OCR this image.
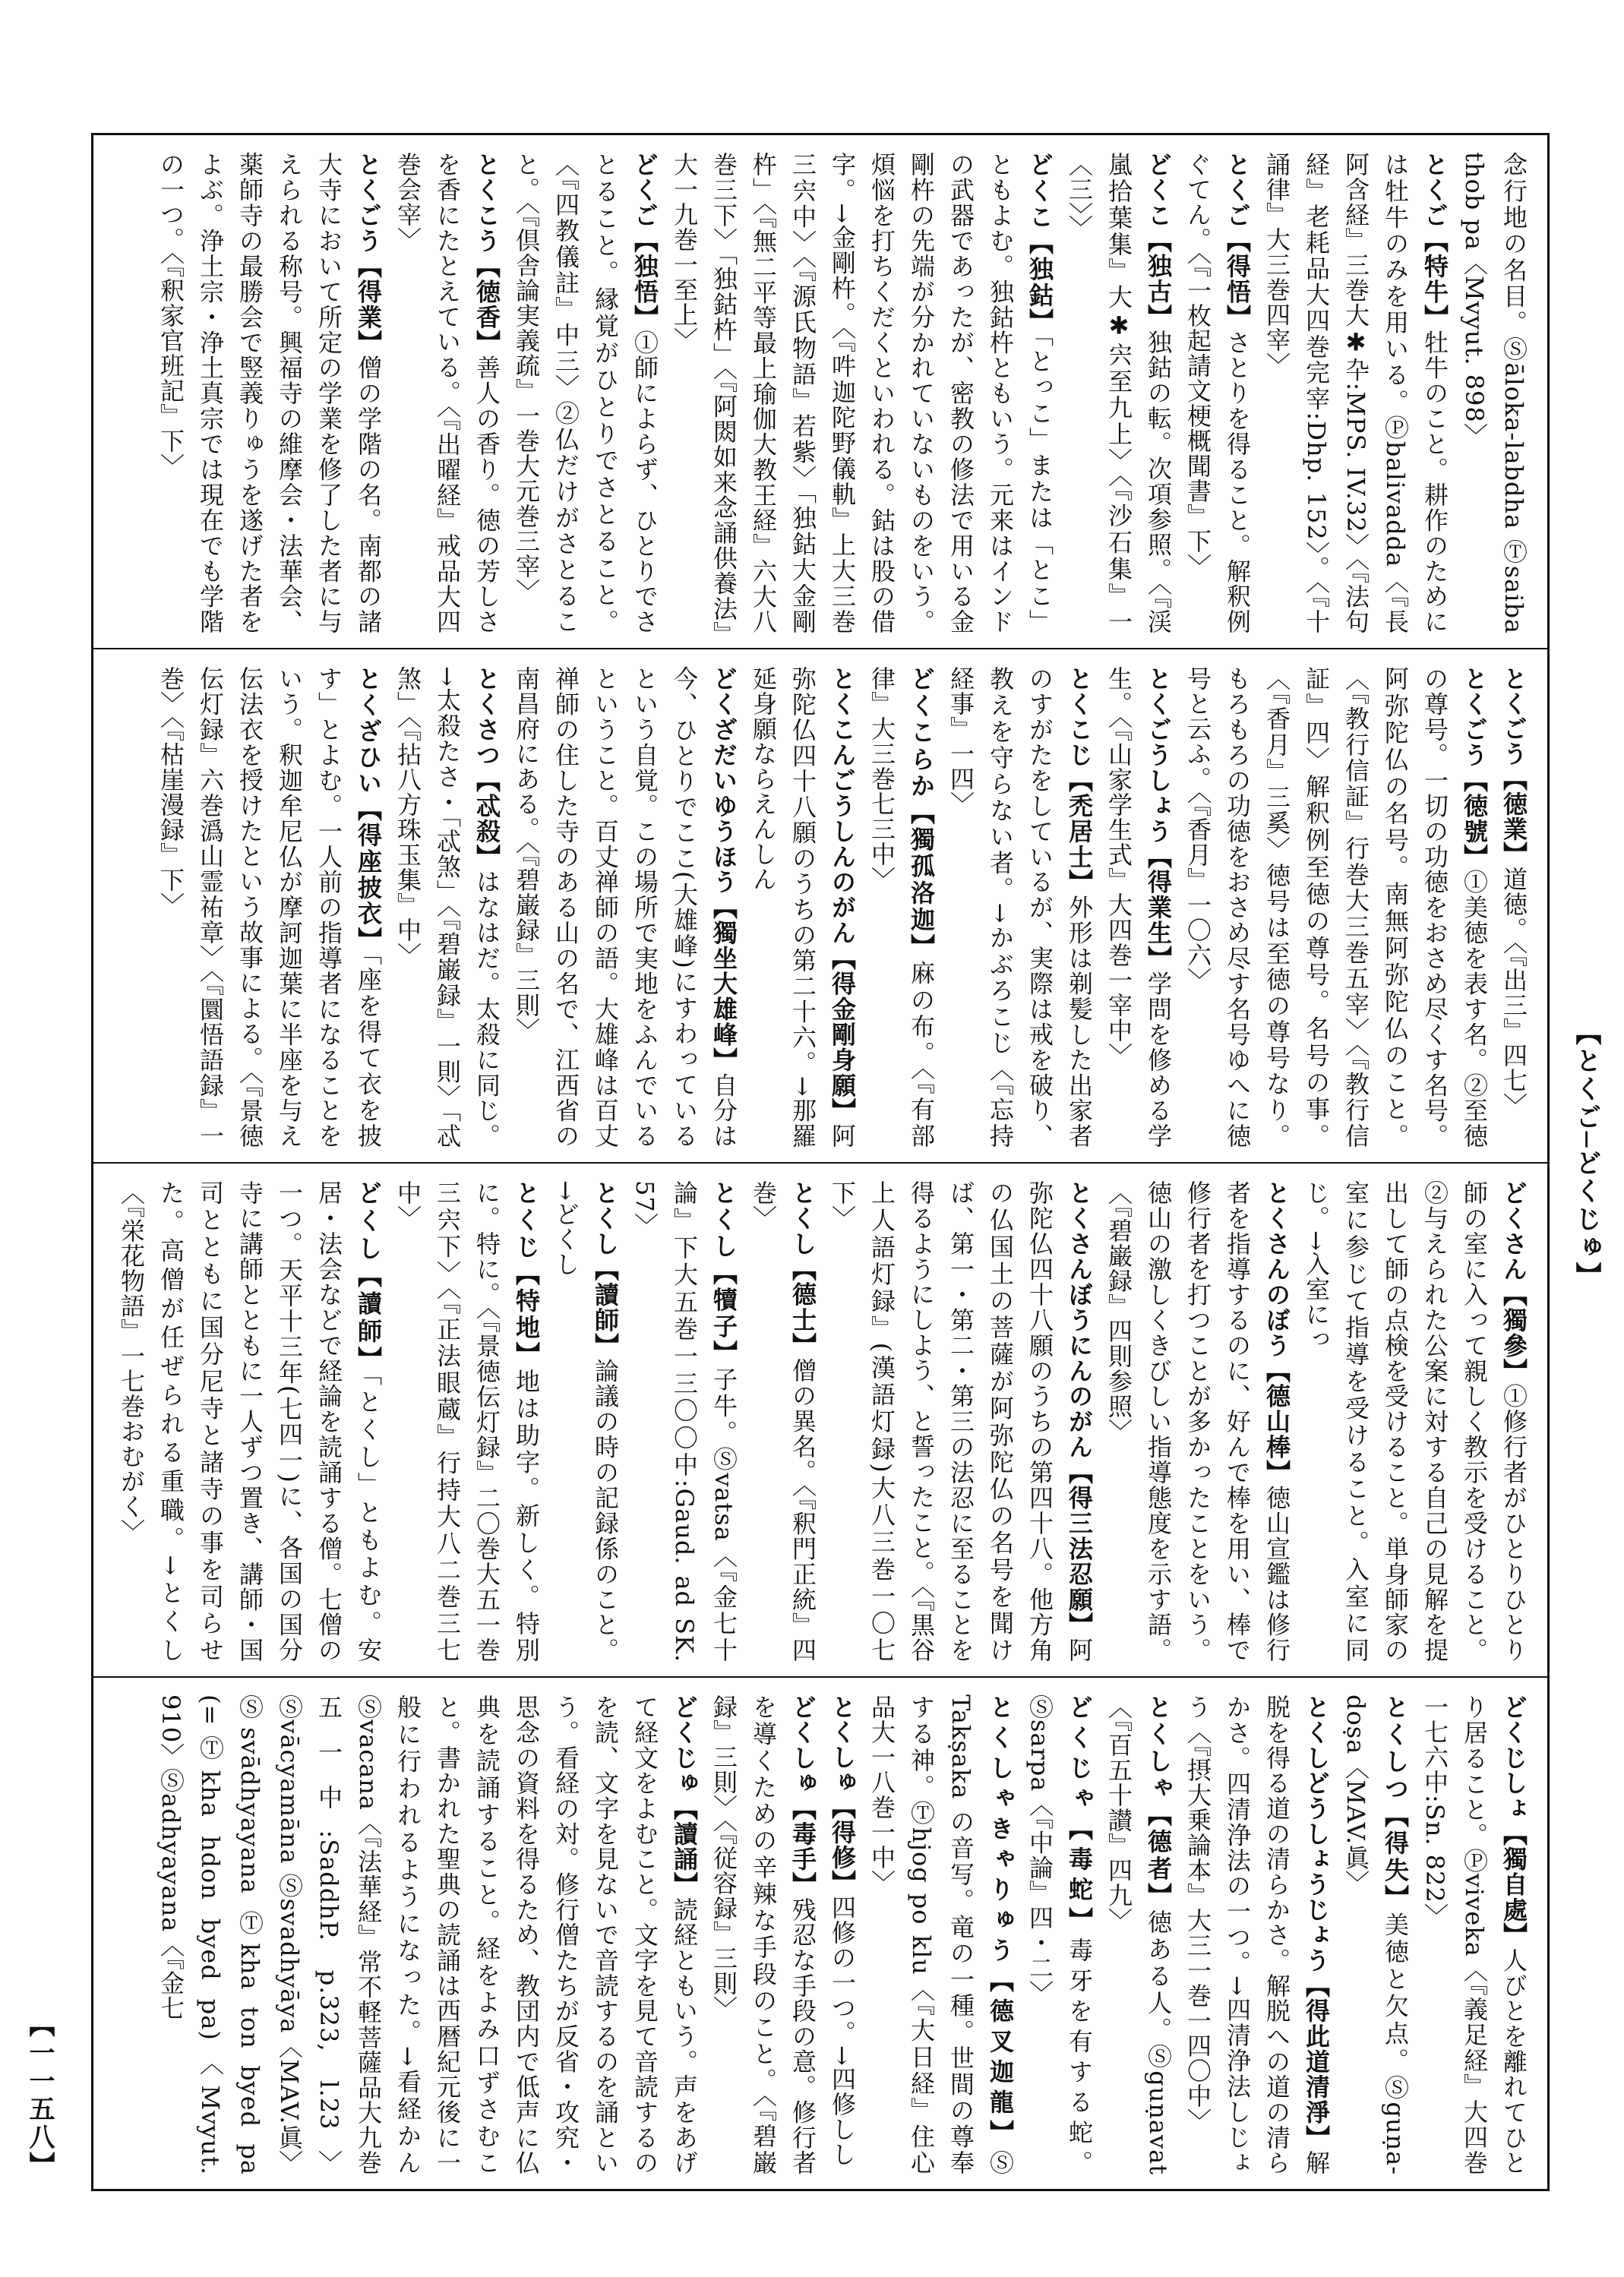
【とくご─どくじゅ】
【一一五八】
念行地の名目。Ⓢāloka-labdha Ⓣsaiba thob pa〈Mvyut. 898〉
とくご【特牛】牡牛のこと。耕作のためには牡牛のみを用いる。Ⓟbalivadda〈『長阿含経』三巻大✱卆:MPS. IV.32〉〈『法句経』老耗品大四巻完宰:Dhp. 152〉。〈『十誦律』大三巻四宰〉
とくご【得悟】さとりを得ること。解釈例ぐてん。〈『一枚起請文梗概聞書』下〉
どくこ【独古】独鈷の転。次項参照。〈『渓嵐拾葉集』大✱宍至九上〉〈『沙石集』一〈三〉〉
どくこ【独鈷】「とっこ」または「とこ」ともよむ。独鈷杵ともいう。元来はインドの武器であったが、密教の修法で用いる金剛杵の先端が分かれていないものをいう。煩悩を打ちくだくといわれる。鈷は股の借字。→金剛杵。〈『吽迦陀野儀軌』上大三巻三宍中〉〈『源氏物語』若紫〉「独鈷大金剛杵」〈『無二平等最上瑜伽大教王経』六大八巻三下〉「独鈷杵」〈『阿閦如来念誦供養法』大一九巻一至上〉
どくご【独悟】①師によらず、ひとりでさとること。縁覚がひとりでさとること。〈『四教儀註』中三〉②仏だけがさとること。〈『倶舎論実義疏』一巻大元巻三宰〉
とくこう【徳香】善人の香り。徳の芳しさを香にたとえている。〈『出曜経』戒品大四巻会宰〉
とくごう【得業】僧の学階の名。南都の諸大寺において所定の学業を修了した者に与えられる称号。興福寺の維摩会・法華会、薬師寺の最勝会で竪義りゅうを遂げた者をよぶ。浄土宗・浄土真宗では現在でも学階の一つ。〈『釈家官班記』下〉
とくごう【徳業】道徳。〈『出三』四七〉
とくごう【徳號】①美徳を表す名。②至徳の尊号。一切の功徳をおさめ尽くす名号。阿弥陀仏の名号。南無阿弥陀仏のこと。〈『教行信証』行巻大三巻五宰〉〈『教行信証』四〉解釈例至徳の尊号。名号の事。〈『香月』三奚〉徳号は至徳の尊号なり。もろもろの功徳をおさめ尽す名号ゆへに徳号と云ふ。〈『香月』一〇六〉
とくごうしょう【得業生】学問を修める学生。〈『山家学生式』大四巻一宰中〉
とくこじ【禿居士】外形は剃髪した出家者のすがたをしているが、実際は戒を破り、教えを守らない者。→かぶろこじ〈『忘持経事』一四〉
どくこらか【獨孤洛迦】麻の布。〈『有部律』大三巻七三中〉
とくこんごうしんのがん【得金剛身願】阿弥陀仏四十八願のうちの第二十六。→那羅延身願ならえんしん
どくざだいゆうほう【獨坐大雄峰】自分は今、ひとりでここ(大雄峰)にすわっているという自覚。この場所で実地をふんでいるということ。百丈禅師の語。大雄峰は百丈禅師の住した寺のある山の名で、江西省の南昌府にある。〈『碧巌録』三則〉
とくさつ【忒殺】はなはだ。太殺に同じ。→太殺たさ・「忒煞」〈『碧巌録』一則〉「忒煞」〈『拈八方珠玉集』中〉
とくざひい【得座披衣】「座を得て衣を披す」とよむ。一人前の指導者になることをいう。釈迦牟尼仏が摩訶迦葉に半座を与え伝法衣を授けたという故事による。〈『景徳伝灯録』六巻潙山霊祐章〉〈『圜悟語録』一巻〉〈『枯崖漫録』下〉
どくさん【獨參】①修行者がひとりひとり師の室に入って親しく教示を受けること。②与えられた公案に対する自己の見解を提出して師の点検を受けること。単身師家の室に参じて指導を受けること。入室に同じ。→入室にっ
とくさんのぼう【德山棒】徳山宣鑑は修行者を指導するのに、好んで棒を用い、棒で修行者を打つことが多かったことをいう。徳山の激しくきびしい指導態度を示す語。〈『碧巌録』四則参照〉
とくさんぼうにんのがん【得三法忍願】阿弥陀仏四十八願のうちの第四十八。他方角の仏国土の菩薩が阿弥陀仏の名号を聞けば、第一・第二・第三の法忍に至ることを得るようにしよう、と誓ったこと。〈『黒谷上人語灯録』(漢語灯録)大八三巻一〇七下〉
とくし【德士】僧の異名。〈『釈門正統』四巻〉
とくし【犢子】子牛。Ⓢvatsa〈『金七十論』下大五巻一三〇〇中:Gaud. ad SK. 57〉
とくし【讀師】論議の時の記録係のこと。→どくし
とくじ【特地】地は助字。新しく。特別に。特に。〈『景徳伝灯録』二〇巻大五一巻三宍下〉〈『正法眼蔵』行持大八二巻三七中〉
どくし【讀師】「とくし」ともよむ。安居・法会などで経論を読誦する僧。七僧の一つ。天平十三年(七四一)に、各国の国分寺に講師とともに一人ずつ置き、講師・国司とともに国分尼寺と諸寺の事を司らせた。高僧が任ぜられる重職。→とくし〈『栄花物語』一七巻おむがく〉
どくじしょ【獨自處】人びとを離れてひとり居ること。Ⓟviveka〈『義足経』大四巻一七六中:Sn. 822〉
とくしつ【得失】美徳と欠点。Ⓢguṇa-doṣa〈MAV.眞〉
とくしどうしょうじょう【得此道清淨】解脱を得る道の清らかさ。解脱への道の清らかさ。四清浄法の一つ。→四清浄法しじょう〈『摂大乗論本』大三一巻一四〇中〉
とくしゃ【德者】徳ある人。Ⓢguṇavat〈『百五十讃』四九〉
どくじゃ【毒蛇】毒牙を有する蛇。Ⓢsarpa〈『中論』四・二〉
とくしゃきゃりゅう【德叉迦龍】Ⓢ Takṣaka の音写。竜の一種。世間の尊奉する神。Ⓣhjog po klu〈『大日経』住心品大一八巻一中〉
とくしゅ【得修】四修の一つ。→四修しし
どくしゅ【毒手】残忍な手段の意。修行者を導くための辛辣な手段のこと。〈『碧巌録』三則〉〈『従容録』三則〉
どくじゅ【讀誦】読経ともいう。声をあげて経文をよむこと。文字を見て音読するのを読、文字を見ないで音読するのを誦という。看経の対。修行僧たちが反省・攻究・思念の資料を得るため、教団内で低声に仏典を読誦すること。経をよみ口ずさむこと。書かれた聖典の読誦は西暦紀元後に一般に行われるようになった。→看経かん Ⓢvacana〈『法華経』常不軽菩薩品大九巻五一中:SaddhP. p.323, l.23〉Ⓢvācyamāna Ⓢsvadhyāya〈MAV.眞〉Ⓢsvādhyayana Ⓣkha ton byed pa (=Ⓣkha hdon byed pa)〈Mvyut. 910〉Ⓢadhyayana〈『金七
